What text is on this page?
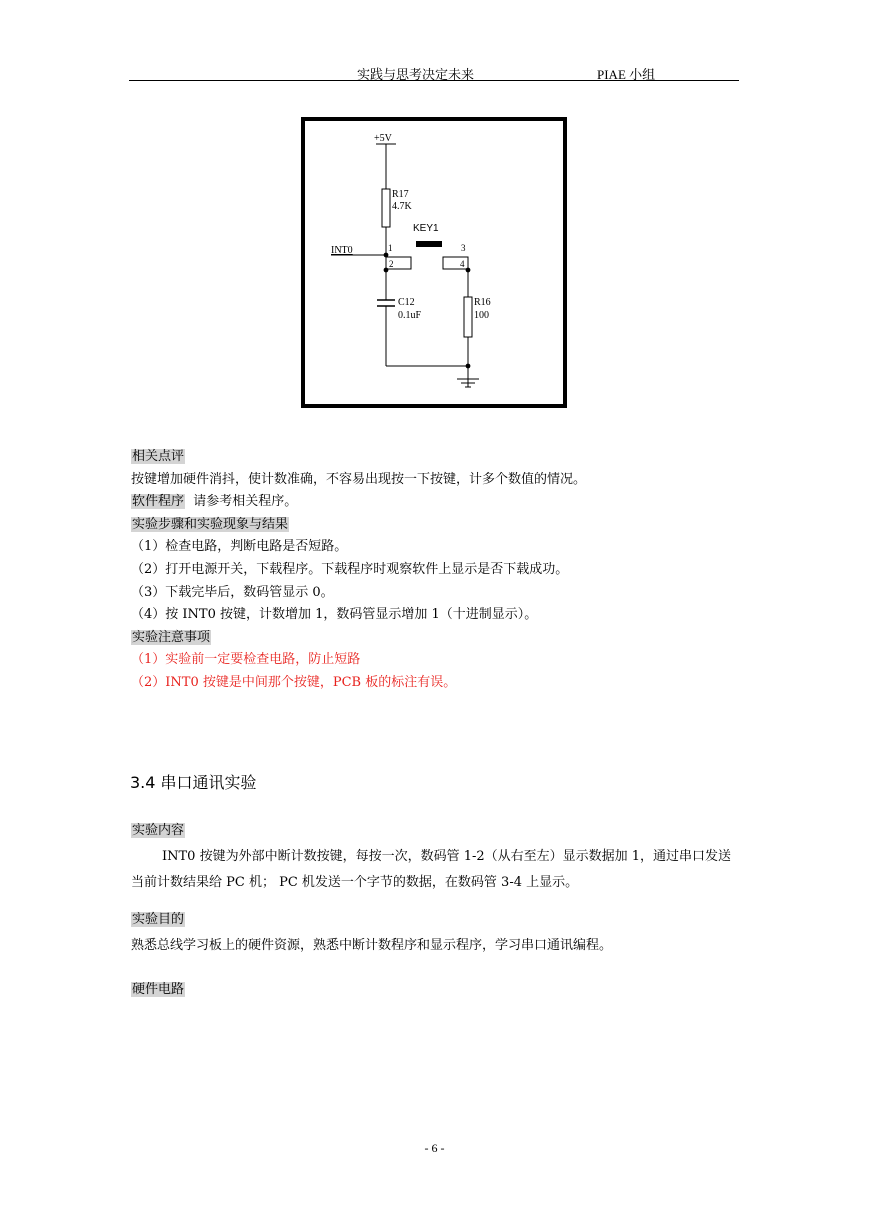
实践与思考决定未来	PIAE 小组
+5V
R17
4.7K
INT0
KEY1
1	3
2	4
C12
0.1uF
R16
100
相关点评
按键增加硬件消抖，使计数准确，不容易出现按一下按键，计多个数值的情况。
软件程序 请参考相关程序。
实验步骤和实验现象与结果
（1）检查电路，判断电路是否短路。
（2）打开电源开关，下载程序。下载程序时观察软件上显示是否下载成功。
（3）下载完毕后，数码管显示 0。
（4）按 INT0 按键，计数增加 1，数码管显示增加 1（十进制显示）。
实验注意事项
（1）实验前一定要检查电路，防止短路
（2）INT0 按键是中间那个按键，PCB 板的标注有误。
3.4 串口通讯实验
实验内容
INT0 按键为外部中断计数按键，每按一次，数码管 1-2（从右至左）显示数据加 1，通过串口发送当前计数结果给 PC 机； PC 机发送一个字节的数据，在数码管 3-4 上显示。
实验目的
熟悉总线学习板上的硬件资源，熟悉中断计数程序和显示程序，学习串口通讯编程。
硬件电路
- 6 -
